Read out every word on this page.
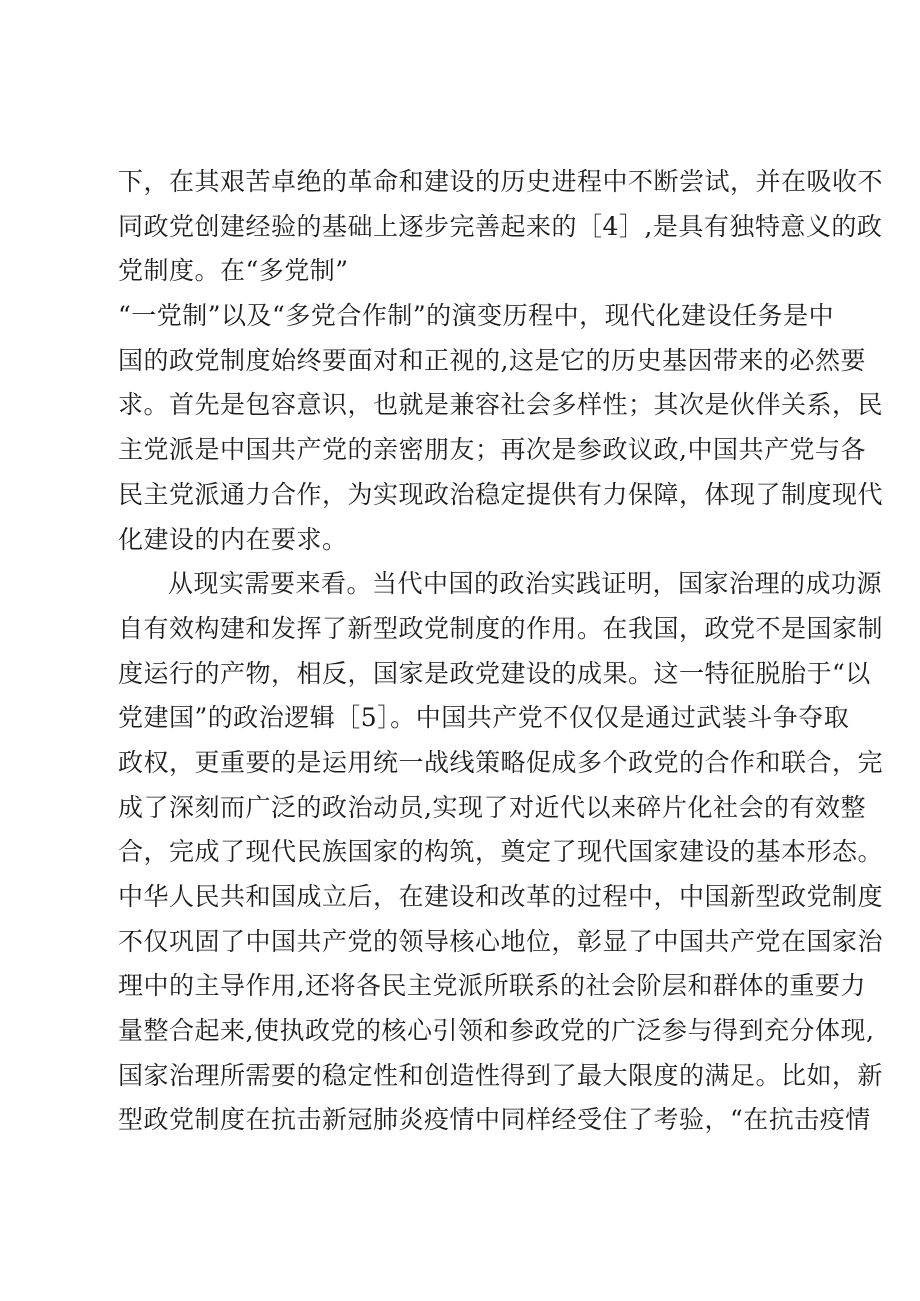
下，在其艰苦卓绝的革命和建设的历史进程中不断尝试，并在吸收不
同政党创建经验的基础上逐步完善起来的［4］,是具有独特意义的政
党制度。在“多党制”
“一党制”以及“多党合作制”的演变历程中，现代化建设任务是中
国的政党制度始终要面对和正视的,这是它的历史基因带来的必然要
求。首先是包容意识，也就是兼容社会多样性；其次是伙伴关系，民
主党派是中国共产党的亲密朋友；再次是参政议政,中国共产党与各
民主党派通力合作，为实现政治稳定提供有力保障，体现了制度现代
化建设的内在要求。
从现实需要来看。当代中国的政治实践证明，国家治理的成功源
自有效构建和发挥了新型政党制度的作用。在我国，政党不是国家制
度运行的产物，相反，国家是政党建设的成果。这一特征脱胎于“以
党建国”的政治逻辑［5］。中国共产党不仅仅是通过武装斗争夺取
政权，更重要的是运用统一战线策略促成多个政党的合作和联合，完
成了深刻而广泛的政治动员,实现了对近代以来碎片化社会的有效整
合，完成了现代民族国家的构筑，奠定了现代国家建设的基本形态。
中华人民共和国成立后，在建设和改革的过程中，中国新型政党制度
不仅巩固了中国共产党的领导核心地位，彰显了中国共产党在国家治
理中的主导作用,还将各民主党派所联系的社会阶层和群体的重要力
量整合起来,使执政党的核心引领和参政党的广泛参与得到充分体现,
国家治理所需要的稳定性和创造性得到了最大限度的满足。比如，新
型政党制度在抗击新冠肺炎疫情中同样经受住了考验，“在抗击疫情
